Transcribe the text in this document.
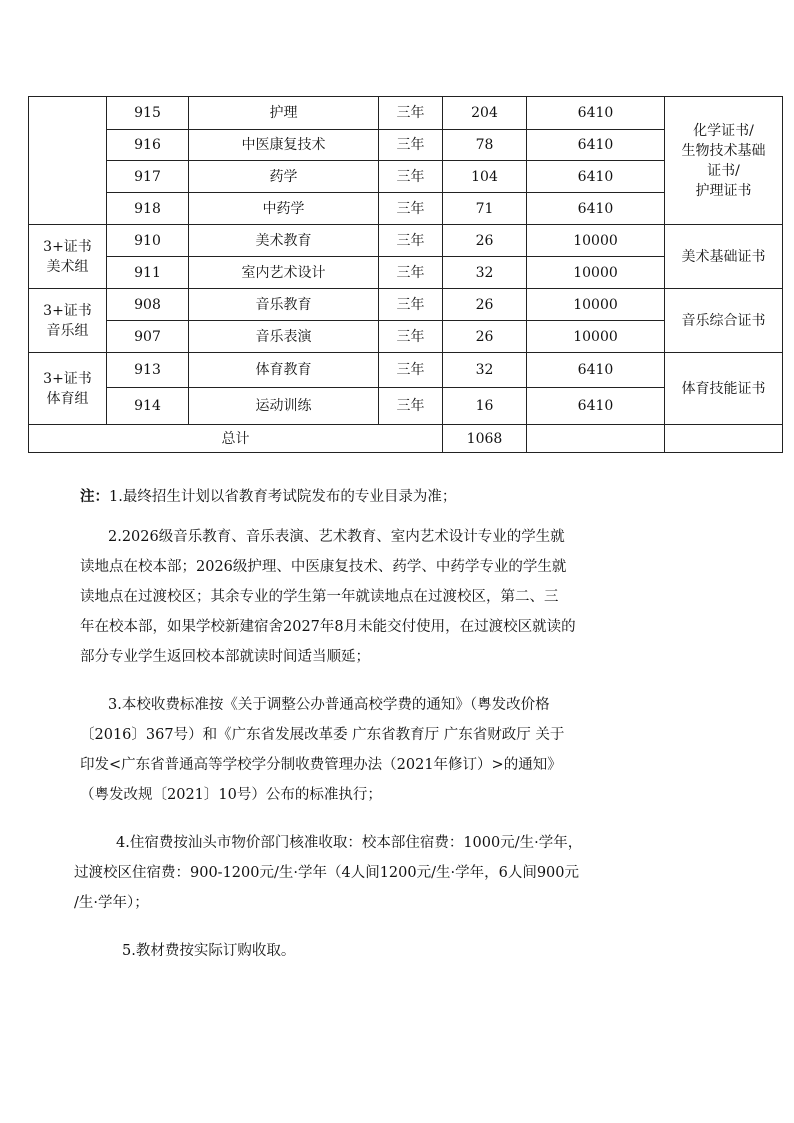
	915	护理	三年	204	6410	化学证书/
生物技术基础
证书/
护理证书

	916	中医康复技术	三年	78	6410	
	917	药学	三年	104	6410	
	918	中药学	三年	71	6410	

3+证书
美术组	910	美术教育	三年	26	10000	美术基础证书
	911	室内艺术设计	三年	32	10000	

3+证书
音乐组	908	音乐教育	三年	26	10000	音乐综合证书
	907	音乐表演	三年	26	10000	

3+证书
体育组	913	体育教育	三年	32	6410	体育技能证书
	914	运动训练	三年	16	6410	
总计				1068		

注：1.最终招生计划以省教育考试院发布的专业目录为准；

2.2026级音乐教育、音乐表演、艺术教育、室内艺术设计专业的学生就

读地点在校本部；2026级护理、中医康复技术、药学、中药学专业的学生就

读地点在过渡校区；其余专业的学生第一年就读地点在过渡校区，第二、三

年在校本部，如果学校新建宿舍2027年8月未能交付使用，在过渡校区就读的

部分专业学生返回校本部就读时间适当顺延；

3.本校收费标准按《关于调整公办普通高校学费的通知》（粤发改价格

〔2016〕367号）和《广东省发展改革委 广东省教育厅 广东省财政厅 关于

印发<广东省普通高等学校学分制收费管理办法（2021年修订）>的通知》

（粤发改规〔2021〕10号）公布的标准执行；

4.住宿费按汕头市物价部门核准收取：校本部住宿费：1000元/生·学年，

过渡校区住宿费：900-1200元/生·学年（4人间1200元/生·学年，6人间900元

/生·学年）；

5.教材费按实际订购收取。
